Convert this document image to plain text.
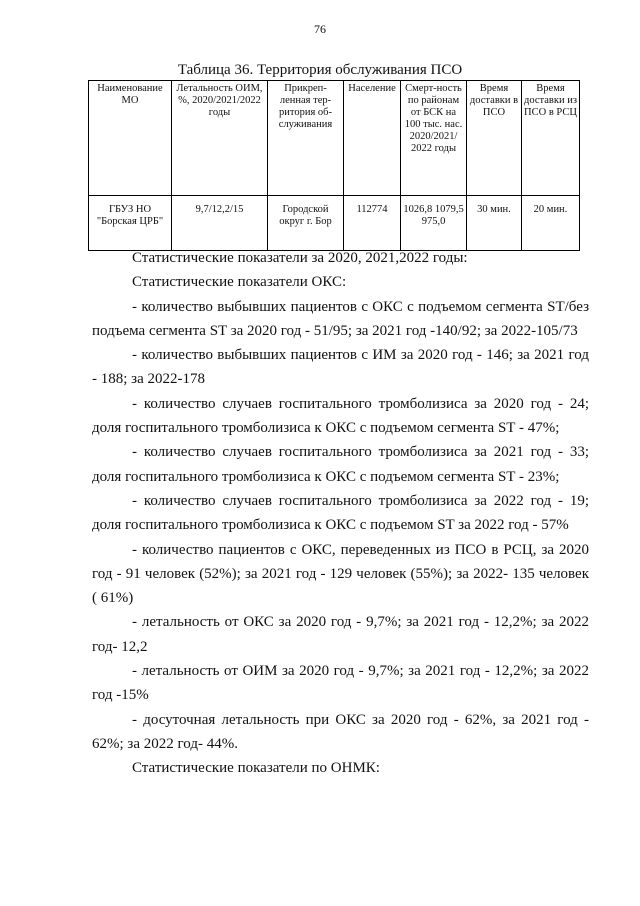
76
Таблица 36. Территория обслуживания ПСО
Наименование МО	Летальность ОИМ, %, 2020/2021/2022 годы	Прикреп-ленная тер-ритория об-служивания	Население	Смерт-ность по районам от БСК на 100 тыс. нас. 2020/2021/ 2022 годы	Время доставки в ПСО	Время доставки из ПСО в РСЦ
ГБУЗ НО "Борская ЦРБ"	9,7/12,2/15	Городской округ г. Бор	112774	1026,8 1079,5 975,0	30 мин.	20 мин.

Статистические показатели за 2020, 2021,2022 годы:

Статистические показатели ОКС:

- количество выбывших пациентов с ОКС с подъемом сегмента ST/без подъема сегмента ST за 2020 год - 51/95; за 2021 год -140/92; за 2022-105/73

- количество выбывших пациентов с ИМ за 2020 год - 146; за 2021 год - 188; за 2022-178

- количество случаев госпитального тромболизиса за 2020 год - 24; доля госпитального тромболизиса к ОКС с подъемом сегмента ST - 47%;

- количество случаев госпитального тромболизиса за 2021 год - 33; доля госпитального тромболизиса к ОКС с подъемом сегмента ST - 23%;

- количество случаев госпитального тромболизиса за 2022 год - 19; доля госпитального тромболизиса к ОКС с подъемом ST за 2022 год - 57%

- количество пациентов с ОКС, переведенных из ПСО в РСЦ, за 2020 год - 91 человек (52%); за 2021 год - 129 человек (55%); за 2022- 135 человек ( 61%)

- летальность от ОКС за 2020 год - 9,7%; за 2021 год - 12,2%; за 2022 год- 12,2

- летальность от ОИМ за 2020 год - 9,7%; за 2021 год - 12,2%; за 2022 год -15%

- досуточная летальность при ОКС за 2020 год - 62%, за 2021 год - 62%; за 2022 год- 44%.

Статистические показатели по ОНМК:
